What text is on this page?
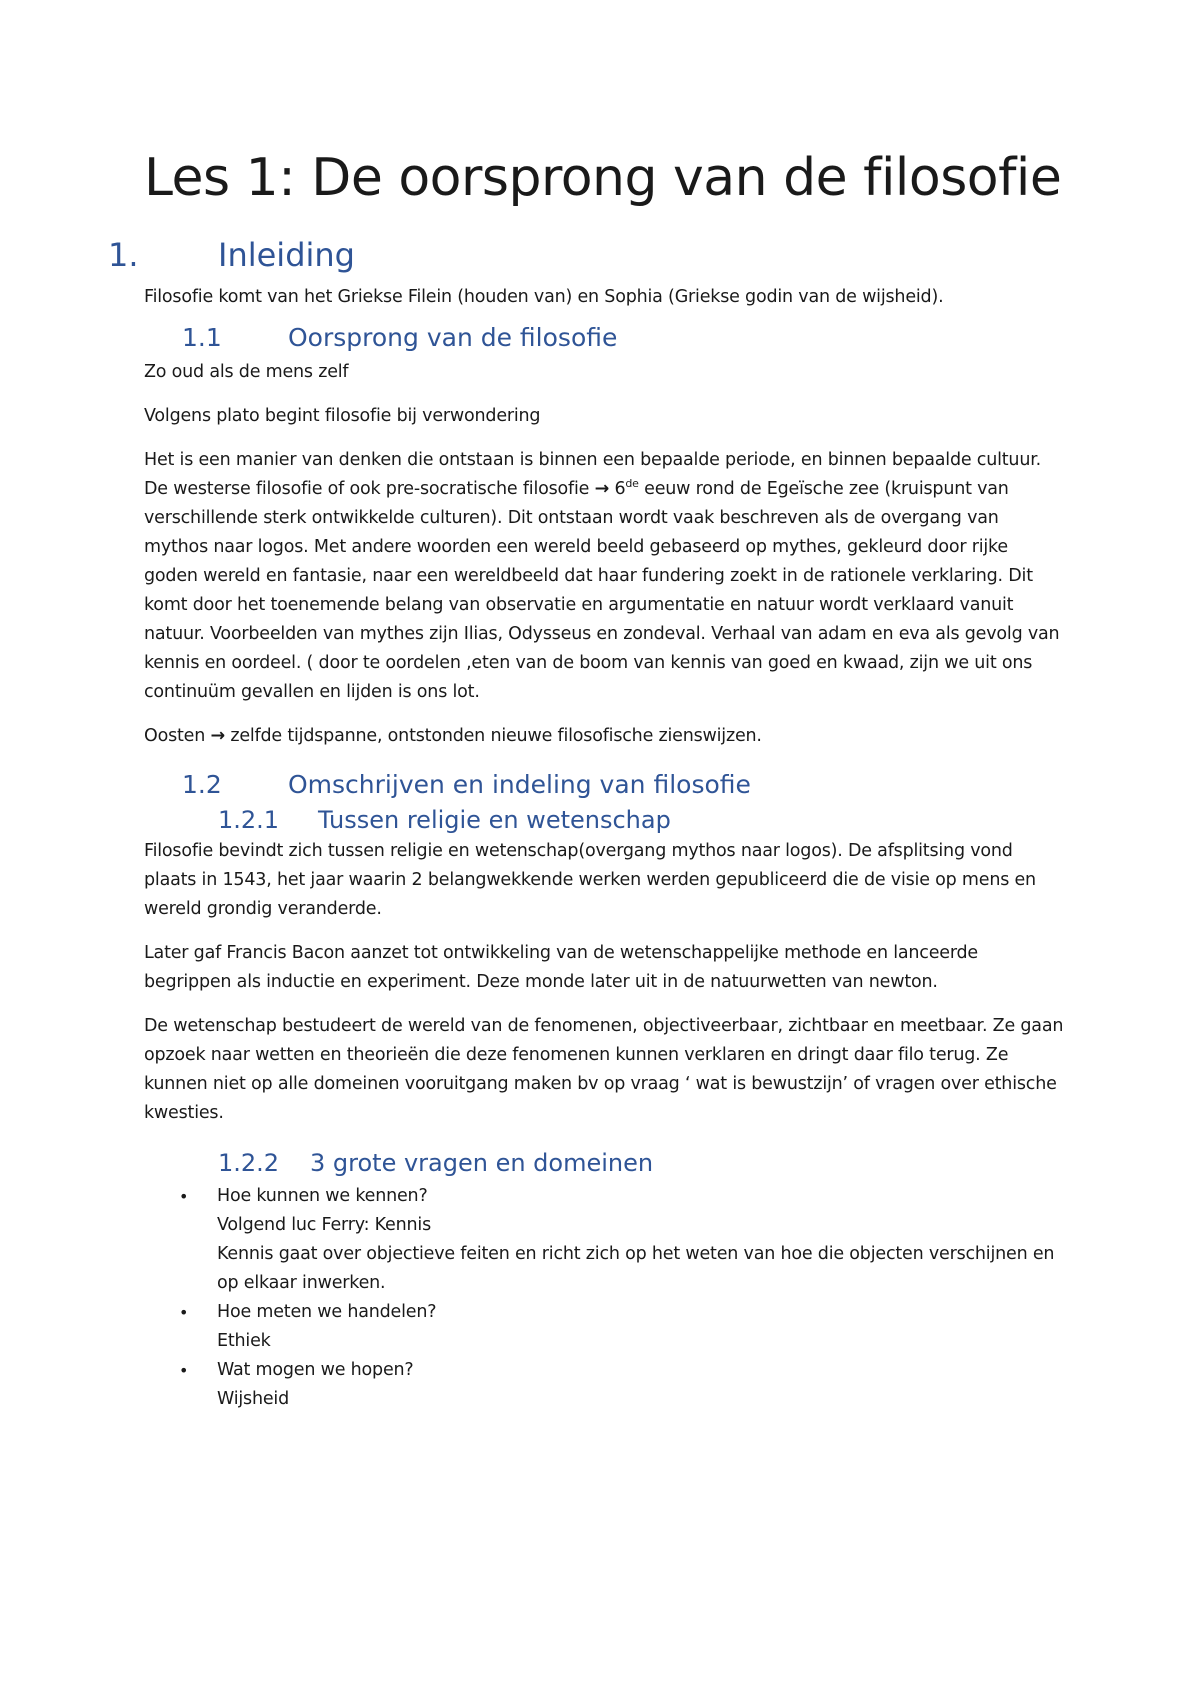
Les 1: De oorsprong van de filosofie
1.	Inleiding

Filosofie komt van het Griekse Filein (houden van) en Sophia (Griekse godin van de wijsheid).

1.1	Oorsprong van de filosofie

Zo oud als de mens zelf

Volgens plato begint filosofie bij verwondering

Het is een manier van denken die ontstaan is binnen een bepaalde periode, en binnen bepaalde cultuur.

De westerse filosofie of ook pre-socratische filosofie → 6de eeuw rond de Egeïsche zee (kruispunt van verschillende sterk ontwikkelde culturen). Dit ontstaan wordt vaak beschreven als de overgang van mythos naar logos. Met andere woorden een wereld beeld gebaseerd op mythes, gekleurd door rijke goden wereld en fantasie, naar een wereldbeeld dat haar fundering zoekt in de rationele verklaring. Dit komt door het toenemende belang van observatie en argumentatie en natuur wordt verklaard vanuit natuur. Voorbeelden van mythes zijn Ilias, Odysseus en zondeval. Verhaal van adam en eva als gevolg van kennis en oordeel. ( door te oordelen ,eten van de boom van kennis van goed en kwaad, zijn we uit ons continuüm gevallen en lijden is ons lot.

Oosten → zelfde tijdspanne, ontstonden nieuwe filosofische zienswijzen.

1.2	Omschrijven en indeling van filosofie
1.2.1	Tussen religie en wetenschap

Filosofie bevindt zich tussen religie en wetenschap(overgang mythos naar logos). De afsplitsing vond plaats in 1543, het jaar waarin 2 belangwekkende werken werden gepubliceerd die de visie op mens en wereld grondig veranderde.

Later gaf Francis Bacon aanzet tot ontwikkeling van de wetenschappelijke methode en lanceerde begrippen als inductie en experiment. Deze monde later uit in de natuurwetten van newton.

De wetenschap bestudeert de wereld van de fenomenen, objectiveerbaar, zichtbaar en meetbaar. Ze gaan opzoek naar wetten en theorieën die deze fenomenen kunnen verklaren en dringt daar filo terug. Ze kunnen niet op alle domeinen vooruitgang maken bv op vraag ‘ wat is bewustzijn’ of vragen over ethische kwesties.

1.2.2	3 grote vragen en domeinen
• Hoe kunnen we kennen?
Volgend luc Ferry: Kennis
Kennis gaat over objectieve feiten en richt zich op het weten van hoe die objecten verschijnen en op elkaar inwerken.
• Hoe meten we handelen?
Ethiek
• Wat mogen we hopen?
Wijsheid
